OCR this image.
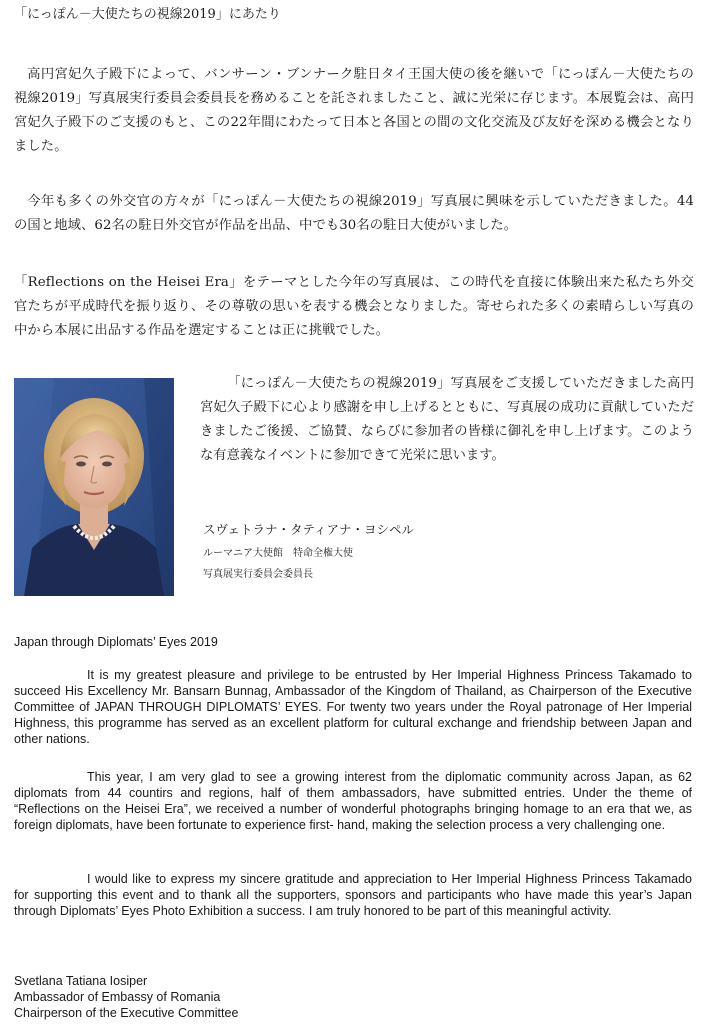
「にっぽん－大使たちの視線2019」にあたり

高円宮妃久子殿下によって、バンサーン・ブンナーク駐日タイ王国大使の後を継いで「にっぽん－大使たちの視線2019」写真展実行委員会委員長を務めることを託されましたこと、誠に光栄に存じます。本展覧会は、高円宮妃久子殿下のご支援のもと、この22年間にわたって日本と各国との間の文化交流及び友好を深める機会となりました。

今年も多くの外交官の方々が「にっぽん－大使たちの視線2019」写真展に興味を示していただきました。44の国と地域、62名の駐日外交官が作品を出品、中でも30名の駐日大使がいました。

「Reflections on the Heisei Era」をテーマとした今年の写真展は、この時代を直接に体験出来た私たち外交官たちが平成時代を振り返り、その尊敬の思いを表する機会となりました。寄せられた多くの素晴らしい写真の中から本展に出品する作品を選定することは正に挑戦でした。

「にっぽん－大使たちの視線2019」写真展をご支援していただきました高円宮妃久子殿下に心より感謝を申し上げるとともに、写真展の成功に貢献していただきましたご後援、ご協賛、ならびに参加者の皆様に御礼を申し上げます。このような有意義なイベントに参加できて光栄に思います。

スヴェトラナ・タティアナ・ヨシペル
ルーマニア大使館　特命全権大使
写真展実行委員会委員長
Japan through Diplomats’ Eyes 2019

It is my greatest pleasure and privilege to be entrusted by Her Imperial Highness Princess Takamado to succeed His Excellency Mr. Bansarn Bunnag, Ambassador of the Kingdom of Thailand, as Chairperson of the Executive Committee of JAPAN THROUGH DIPLOMATS’ EYES. For twenty two years under the Royal patronage of Her Imperial Highness, this programme has served as an excellent platform for cultural exchange and friendship between Japan and other nations.

This year, I am very glad to see a growing interest from the diplomatic community across Japan, as 62 diplomats from 44 countirs and regions, half of them ambassadors, have submitted entries. Under the theme of “Reflections on the Heisei Era”, we received a number of wonderful photographs bringing homage to an era that we, as foreign diplomats, have been fortunate to experience first- hand, making the selection process a very challenging one.

I would like to express my sincere gratitude and appreciation to Her Imperial Highness Princess Takamado for supporting this event and to thank all the supporters, sponsors and participants who have made this year’s Japan through Diplomats’ Eyes Photo Exhibition a success. I am truly honored to be part of this meaningful activity.

Svetlana Tatiana Iosiper
Ambassador of Embassy of Romania
Chairperson of the Executive Committee
